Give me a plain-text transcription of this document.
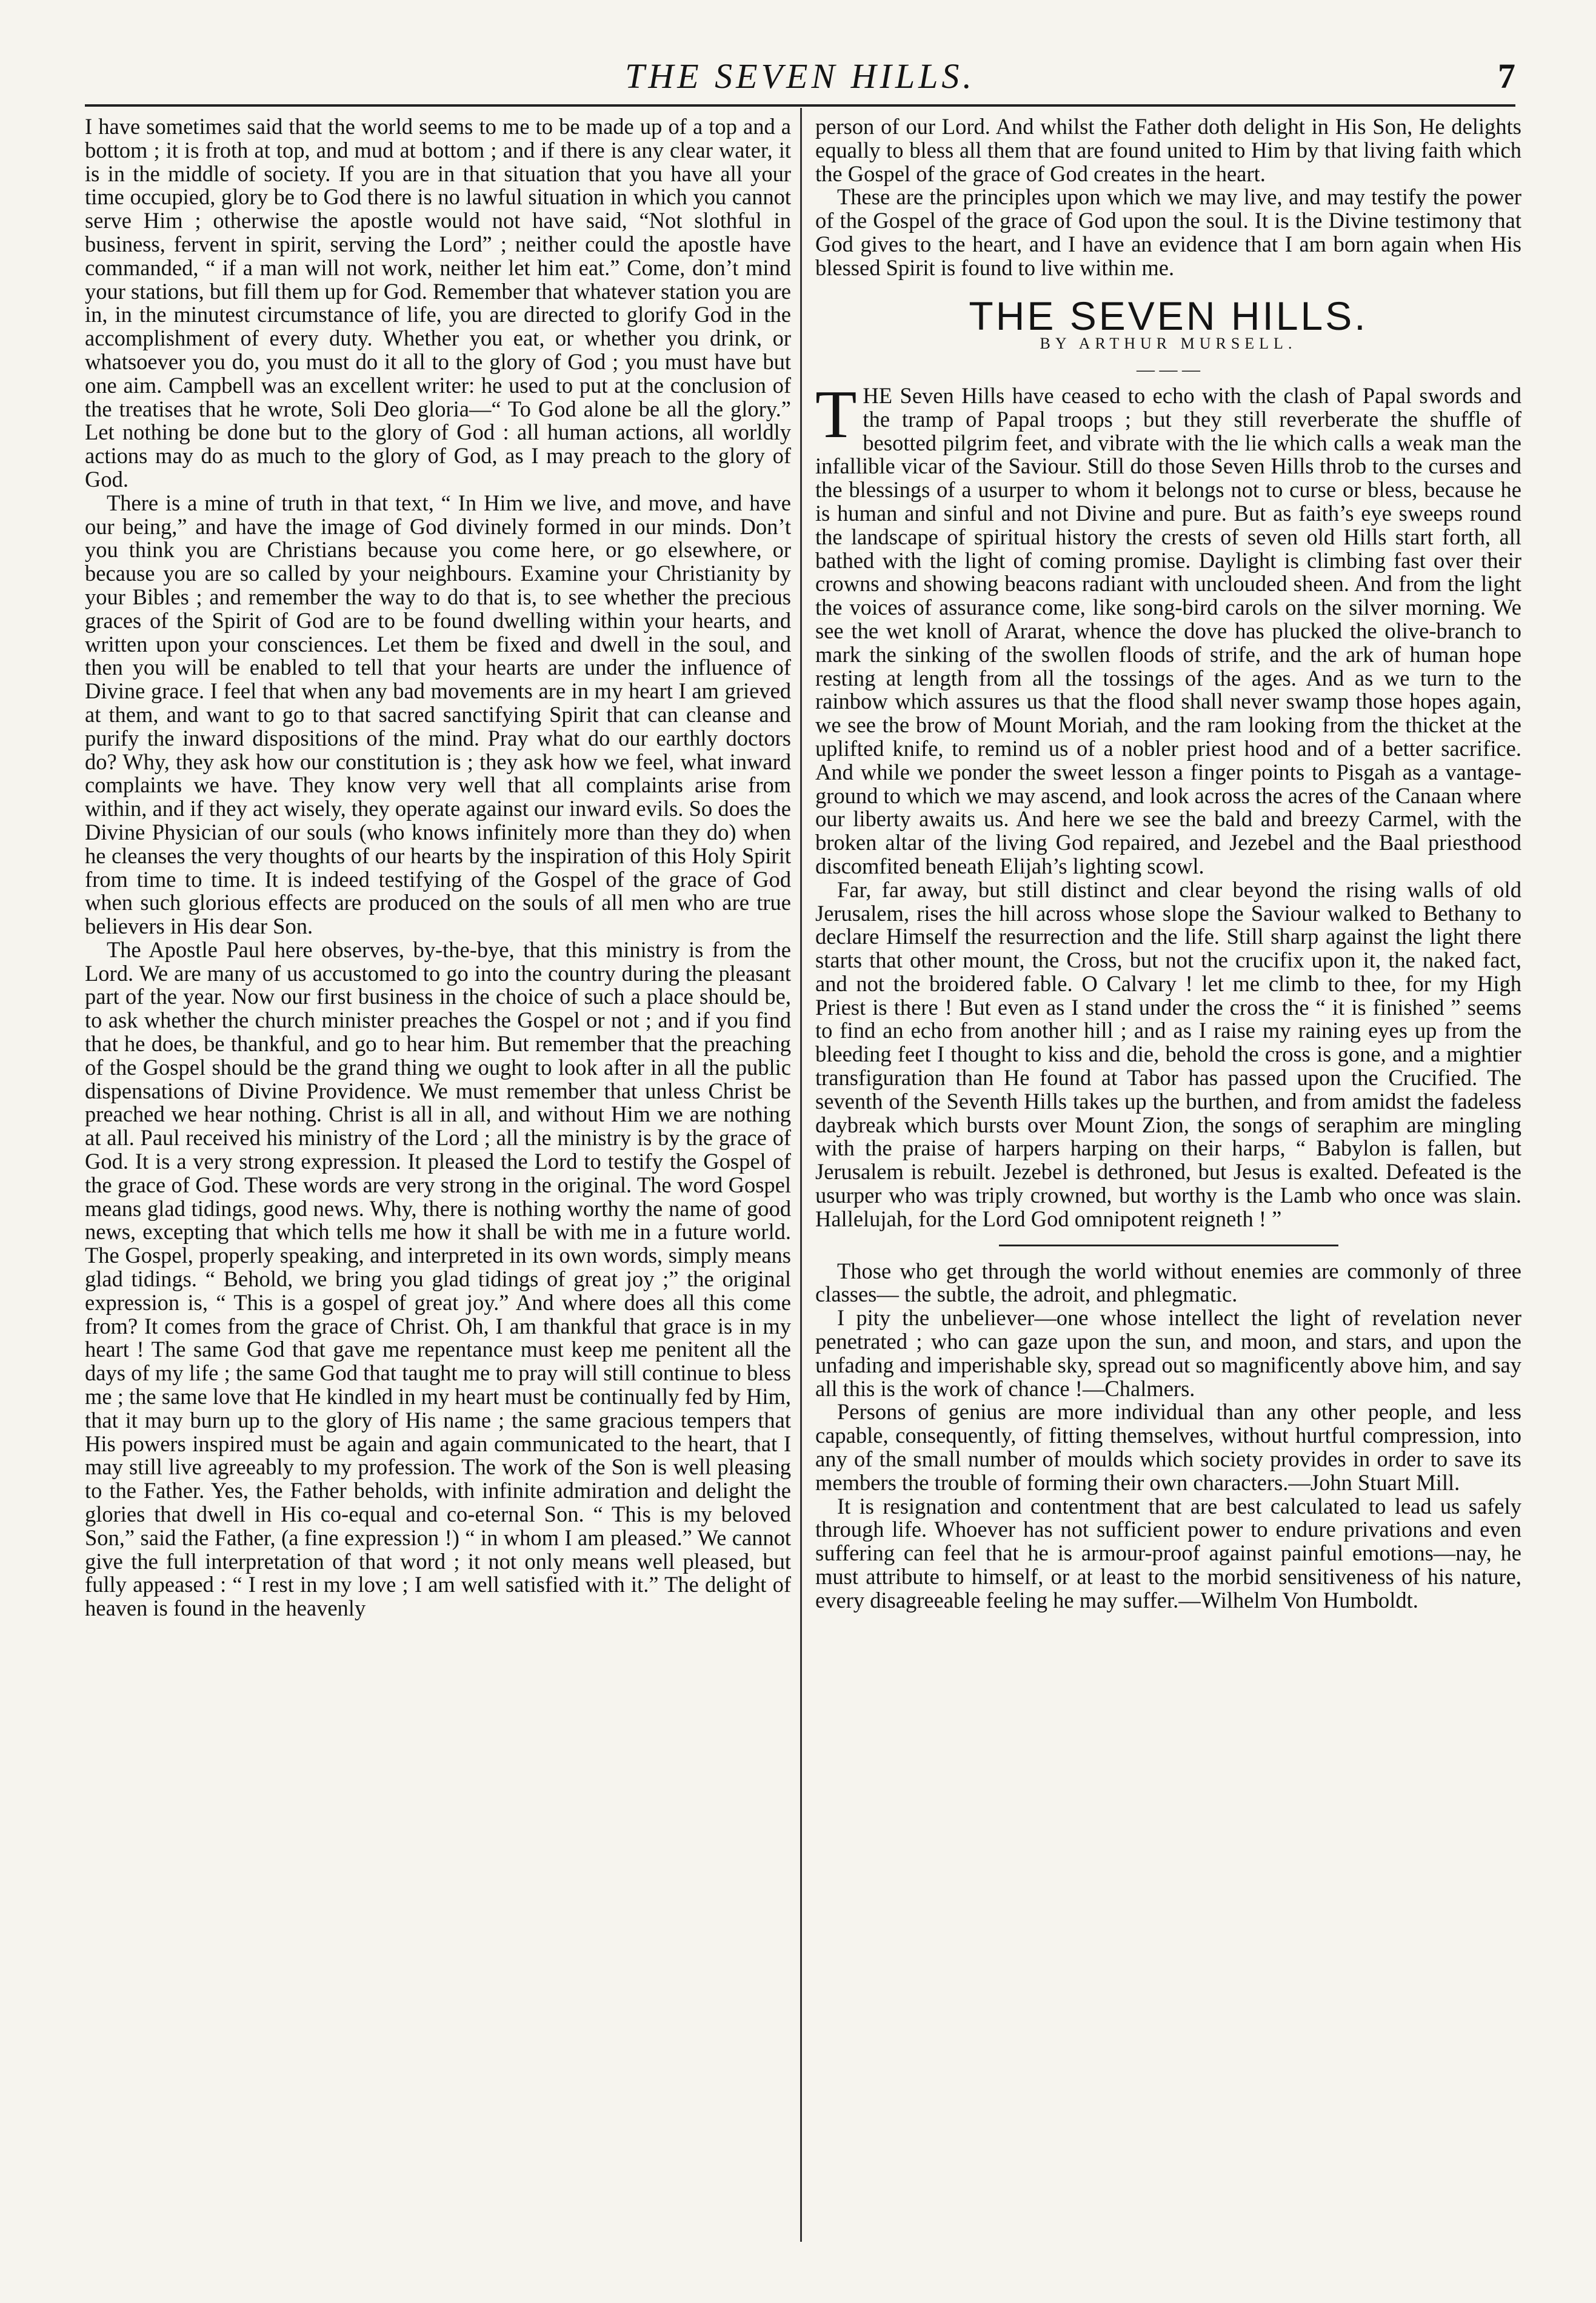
THE SEVEN HILLS.	7

I have sometimes said that the world seems to me to be made up of a top and a bottom ; it is froth at top, and mud at bottom ; and if there is any clear water, it is in the middle of society. If you are in that situation that you have all your time occupied, glory be to God there is no lawful situation in which you cannot serve Him ; otherwise the apostle would not have said, “Not slothful in business, fervent in spirit, serving the Lord” ; neither could the apostle have commanded, “ if a man will not work, neither let him eat.” Come, don’t mind your stations, but fill them up for God. Remember that whatever station you are in, in the minutest circumstance of life, you are directed to glorify God in the accomplishment of every duty. Whether you eat, or whether you drink, or whatsoever you do, you must do it all to the glory of God ; you must have but one aim. Campbell was an excellent writer: he used to put at the conclusion of the treatises that he wrote, Soli Deo gloria—“ To God alone be all the glory.” Let nothing be done but to the glory of God : all human actions, all worldly actions may do as much to the glory of God, as I may preach to the glory of God.

There is a mine of truth in that text, “ In Him we live, and move, and have our being,” and have the image of God divinely formed in our minds. Don’t you think you are Christians because you come here, or go elsewhere, or because you are so called by your neighbours. Examine your Christianity by your Bibles ; and remember the way to do that is, to see whether the precious graces of the Spirit of God are to be found dwelling within your hearts, and written upon your consciences. Let them be fixed and dwell in the soul, and then you will be enabled to tell that your hearts are under the influence of Divine grace. I feel that when any bad movements are in my heart I am grieved at them, and want to go to that sacred sanctifying Spirit that can cleanse and purify the inward dispositions of the mind. Pray what do our earthly doctors do? Why, they ask how our constitution is ; they ask how we feel, what inward complaints we have. They know very well that all complaints arise from within, and if they act wisely, they operate against our inward evils. So does the Divine Physician of our souls (who knows infinitely more than they do) when he cleanses the very thoughts of our hearts by the inspiration of this Holy Spirit from time to time. It is indeed testifying of the Gospel of the grace of God when such glorious effects are produced on the souls of all men who are true believers in His dear Son.

The Apostle Paul here observes, by-the-bye, that this ministry is from the Lord. We are many of us accustomed to go into the country during the pleasant part of the year. Now our first business in the choice of such a place should be, to ask whether the church minister preaches the Gospel or not ; and if you find that he does, be thankful, and go to hear him. But remember that the preaching of the Gospel should be the grand thing we ought to look after in all the public dispensations of Divine Providence. We must remember that unless Christ be preached we hear nothing. Christ is all in all, and without Him we are nothing at all. Paul received his ministry of the Lord ; all the ministry is by the grace of God. It is a very strong expression. It pleased the Lord to testify the Gospel of the grace of God. These words are very strong in the original. The word Gospel means glad tidings, good news. Why, there is nothing worthy the name of good news, excepting that which tells me how it shall be with me in a future world. The Gospel, properly speaking, and interpreted in its own words, simply means glad tidings. “ Behold, we bring you glad tidings of great joy ;” the original expression is, “ This is a gospel of great joy.” And where does all this come from? It comes from the grace of Christ. Oh, I am thankful that grace is in my heart ! The same God that gave me repentance must keep me penitent all the days of my life ; the same God that taught me to pray will still continue to bless me ; the same love that He kindled in my heart must be continually fed by Him, that it may burn up to the glory of His name ; the same gracious tempers that His powers inspired must be again and again communicated to the heart, that I may still live agreeably to my profession. The work of the Son is well pleasing to the Father. Yes, the Father beholds, with infinite admiration and delight the glories that dwell in His co-equal and co-eternal Son. “ This is my beloved Son,” said the Father, (a fine expression !) “ in whom I am pleased.” We cannot give the full interpretation of that word ; it not only means well pleased, but fully appeased : “ I rest in my love ; I am well satisfied with it.” The delight of heaven is found in the heavenly

person of our Lord. And whilst the Father doth delight in His Son, He delights equally to bless all them that are found united to Him by that living faith which the Gospel of the grace of God creates in the heart.

These are the principles upon which we may live, and may testify the power of the Gospel of the grace of God upon the soul. It is the Divine testimony that God gives to the heart, and I have an evidence that I am born again when His blessed Spirit is found to live within me.

THE SEVEN HILLS.
BY ARTHUR MURSELL.
— — —

THE Seven Hills have ceased to echo with the clash of Papal swords and the tramp of Papal troops ; but they still reverberate the shuffle of besotted pilgrim feet, and vibrate with the lie which calls a weak man the infallible vicar of the Saviour. Still do those Seven Hills throb to the curses and the blessings of a usurper to whom it belongs not to curse or bless, because he is human and sinful and not Divine and pure. But as faith’s eye sweeps round the landscape of spiritual history the crests of seven old Hills start forth, all bathed with the light of coming promise. Daylight is climbing fast over their crowns and showing beacons radiant with unclouded sheen. And from the light the voices of assurance come, like song-bird carols on the silver morning. We see the wet knoll of Ararat, whence the dove has plucked the olive-branch to mark the sinking of the swollen floods of strife, and the ark of human hope resting at length from all the tossings of the ages. And as we turn to the rainbow which assures us that the flood shall never swamp those hopes again, we see the brow of Mount Moriah, and the ram looking from the thicket at the uplifted knife, to remind us of a nobler priest hood and of a better sacrifice. And while we ponder the sweet lesson a finger points to Pisgah as a vantage-ground to which we may ascend, and look across the acres of the Canaan where our liberty awaits us. And here we see the bald and breezy Carmel, with the broken altar of the living God repaired, and Jezebel and the Baal priesthood discomfited beneath Elijah’s lighting scowl.

Far, far away, but still distinct and clear beyond the rising walls of old Jerusalem, rises the hill across whose slope the Saviour walked to Bethany to declare Himself the resurrection and the life. Still sharp against the light there starts that other mount, the Cross, but not the crucifix upon it, the naked fact, and not the broidered fable. O Calvary ! let me climb to thee, for my High Priest is there ! But even as I stand under the cross the “ it is finished ” seems to find an echo from another hill ; and as I raise my raining eyes up from the bleeding feet I thought to kiss and die, behold the cross is gone, and a mightier transfiguration than He found at Tabor has passed upon the Crucified. The seventh of the Seventh Hills takes up the burthen, and from amidst the fadeless daybreak which bursts over Mount Zion, the songs of seraphim are mingling with the praise of harpers harping on their harps, “ Babylon is fallen, but Jerusalem is rebuilt. Jezebel is dethroned, but Jesus is exalted. Defeated is the usurper who was triply crowned, but worthy is the Lamb who once was slain. Hallelujah, for the Lord God omnipotent reigneth ! ”

Those who get through the world without enemies are commonly of three classes— the subtle, the adroit, and phlegmatic.

I pity the unbeliever—one whose intellect the light of revelation never penetrated ; who can gaze upon the sun, and moon, and stars, and upon the unfading and imperishable sky, spread out so magnificently above him, and say all this is the work of chance !—Chalmers.

Persons of genius are more individual than any other people, and less capable, consequently, of fitting themselves, without hurtful compression, into any of the small number of moulds which society provides in order to save its members the trouble of forming their own characters.—John Stuart Mill.

It is resignation and contentment that are best calculated to lead us safely through life. Whoever has not sufficient power to endure privations and even suffering can feel that he is armour-proof against painful emotions—nay, he must attribute to himself, or at least to the morbid sensitiveness of his nature, every disagreeable feeling he may suffer.—Wilhelm Von Humboldt.
